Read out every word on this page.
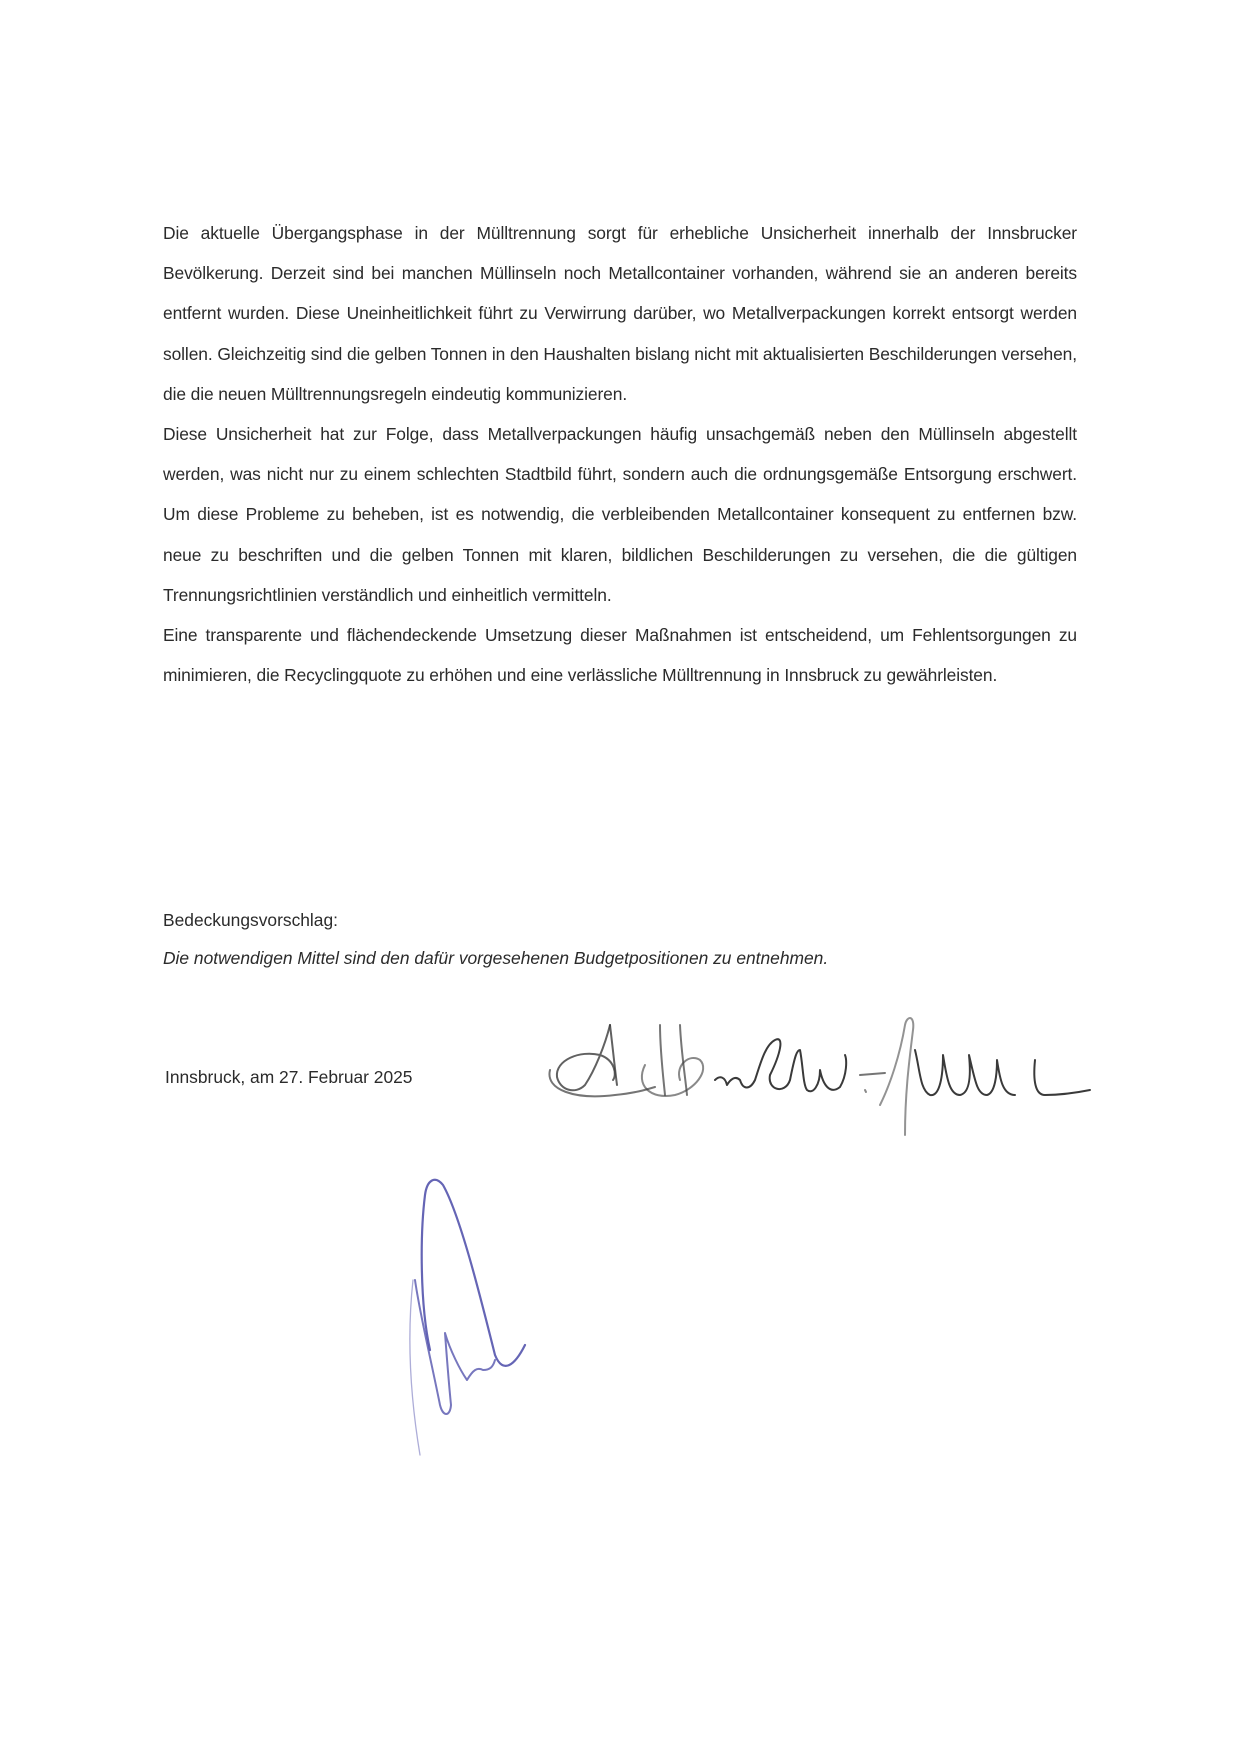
Die aktuelle Übergangsphase in der Mülltrennung sorgt für erhebliche Unsicherheit innerhalb der Innsbrucker Bevölkerung. Derzeit sind bei manchen Müllinseln noch Metallcontainer vorhanden, während sie an anderen bereits entfernt wurden. Diese Uneinheitlichkeit führt zu Verwirrung darüber, wo Metallverpackungen korrekt entsorgt werden sollen. Gleichzeitig sind die gelben Tonnen in den Haushalten bislang nicht mit aktualisierten Beschilderungen versehen, die die neuen Mülltrennungsregeln eindeutig kommunizieren.

Diese Unsicherheit hat zur Folge, dass Metallverpackungen häufig unsachgemäß neben den Müllinseln abgestellt werden, was nicht nur zu einem schlechten Stadtbild führt, sondern auch die ordnungsgemäße Entsorgung erschwert. Um diese Probleme zu beheben, ist es notwendig, die verbleibenden Metallcontainer konsequent zu entfernen bzw. neue zu beschriften und die gelben Tonnen mit klaren, bildlichen Beschilderungen zu versehen, die die gültigen Trennungsrichtlinien verständlich und einheitlich vermitteln.

Eine transparente und flächendeckende Umsetzung dieser Maßnahmen ist entscheidend, um Fehlentsorgungen zu minimieren, die Recyclingquote zu erhöhen und eine verlässliche Mülltrennung in Innsbruck zu gewährleisten.

Bedeckungsvorschlag:
Die notwendigen Mittel sind den dafür vorgesehenen Budgetpositionen zu entnehmen.
Innsbruck, am 27. Februar 2025
